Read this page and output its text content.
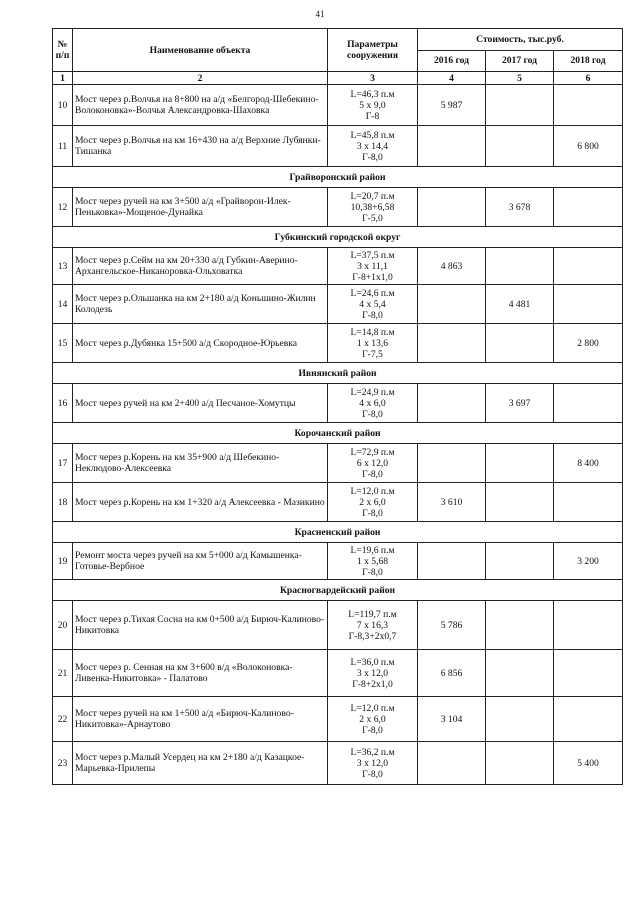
41
№ п/п	Наименование объекта	Параметры сооружения	Стоимость, тыс.руб.		
			2016 год	2017 год	2018 год
1	2	3	4	5	6
10	Мост через р.Волчья на 8+800 на а/д «Белгород-Шебекино-Волоконовка»-Волчья Александровка-Шаховка	L=46,3 п.м
5 x 9,0
Г-8	5 987		
11	Мост через р.Волчья на км 16+430 на а/д Верхние Лубянки-Тишанка	L=45,8 п.м
3 x 14,4
Г-8,0			6 800
Грайворонский район					
12	Мост через ручей на км 3+500 а/д «Грайворон-Илек-Пеньковка»-Мощеное-Дунайка	L=20,7 п.м
10,38+6,58
Г-5,0		3 678	
Губкинский городской округ					
13	Мост через р.Сейм на км 20+330 а/д Губкин-Аверино-Архангельское-Никаноровка-Ольховатка	L=37,5 п.м
3 x 11,1
Г-8+1x1,0	4 863		
14	Мост через р.Ольшанка на км 2+180 а/д Коньшино-Жилин Колодезь	L=24,6 п.м
4 x 5,4
Г-8,0		4 481	
15	Мост через р.Дубянка 15+500 а/д Скородное-Юрьевка	L=14,8 п.м
1 x 13,6
Г-7,5			2 800
Ивнянский район					
16	Мост через ручей на км 2+400 а/д Песчаное-Хомутцы	L=24,9 п.м
4 x 6,0
Г-8,0		3 697	
Корочанский район					
17	Мост через р.Корень на км 35+900 а/д Шебекино-Неклюдово-Алексеевка	L=72,9 п.м
6 x 12,0
Г-8,0			8 400
18	Мост через р.Корень на км 1+320 а/д Алексеевка - Мазикино	L=12,0 п.м
2 x 6,0
Г-8,0	3 610		
Красненский район					
19	Ремонт моста через ручей на км 5+000 а/д Камышенка-Готовье-Вербное	L=19,6 п.м
1 x 5,68
Г-8,0			3 200
Красногвардейский район					
20	Мост через р.Тихая Сосна на км 0+500 а/д Бирюч-Калиново-Никитовка	L=119,7 п.м
7 x 16,3
Г-8,3+2x0,7	5 786		
21	Мост через р. Сенная на км 3+600 в/д «Волоконовка-Ливенка-Никитовка» - Палатово	L=36,0 п.м
3 x 12,0
Г-8+2x1,0	6 856		
22	Мост через ручей на км 1+500 а/д «Бирюч-Калиново-Никитовка»-Арнаутово	L=12,0 п.м
2 x 6,0
Г-8,0	3 104		
23	Мост через р.Малый Усердец на км 2+180 а/д Казацкое-Марьевка-Прилепы	L=36,2 п.м
3 x 12,0
Г-8,0			5 400
